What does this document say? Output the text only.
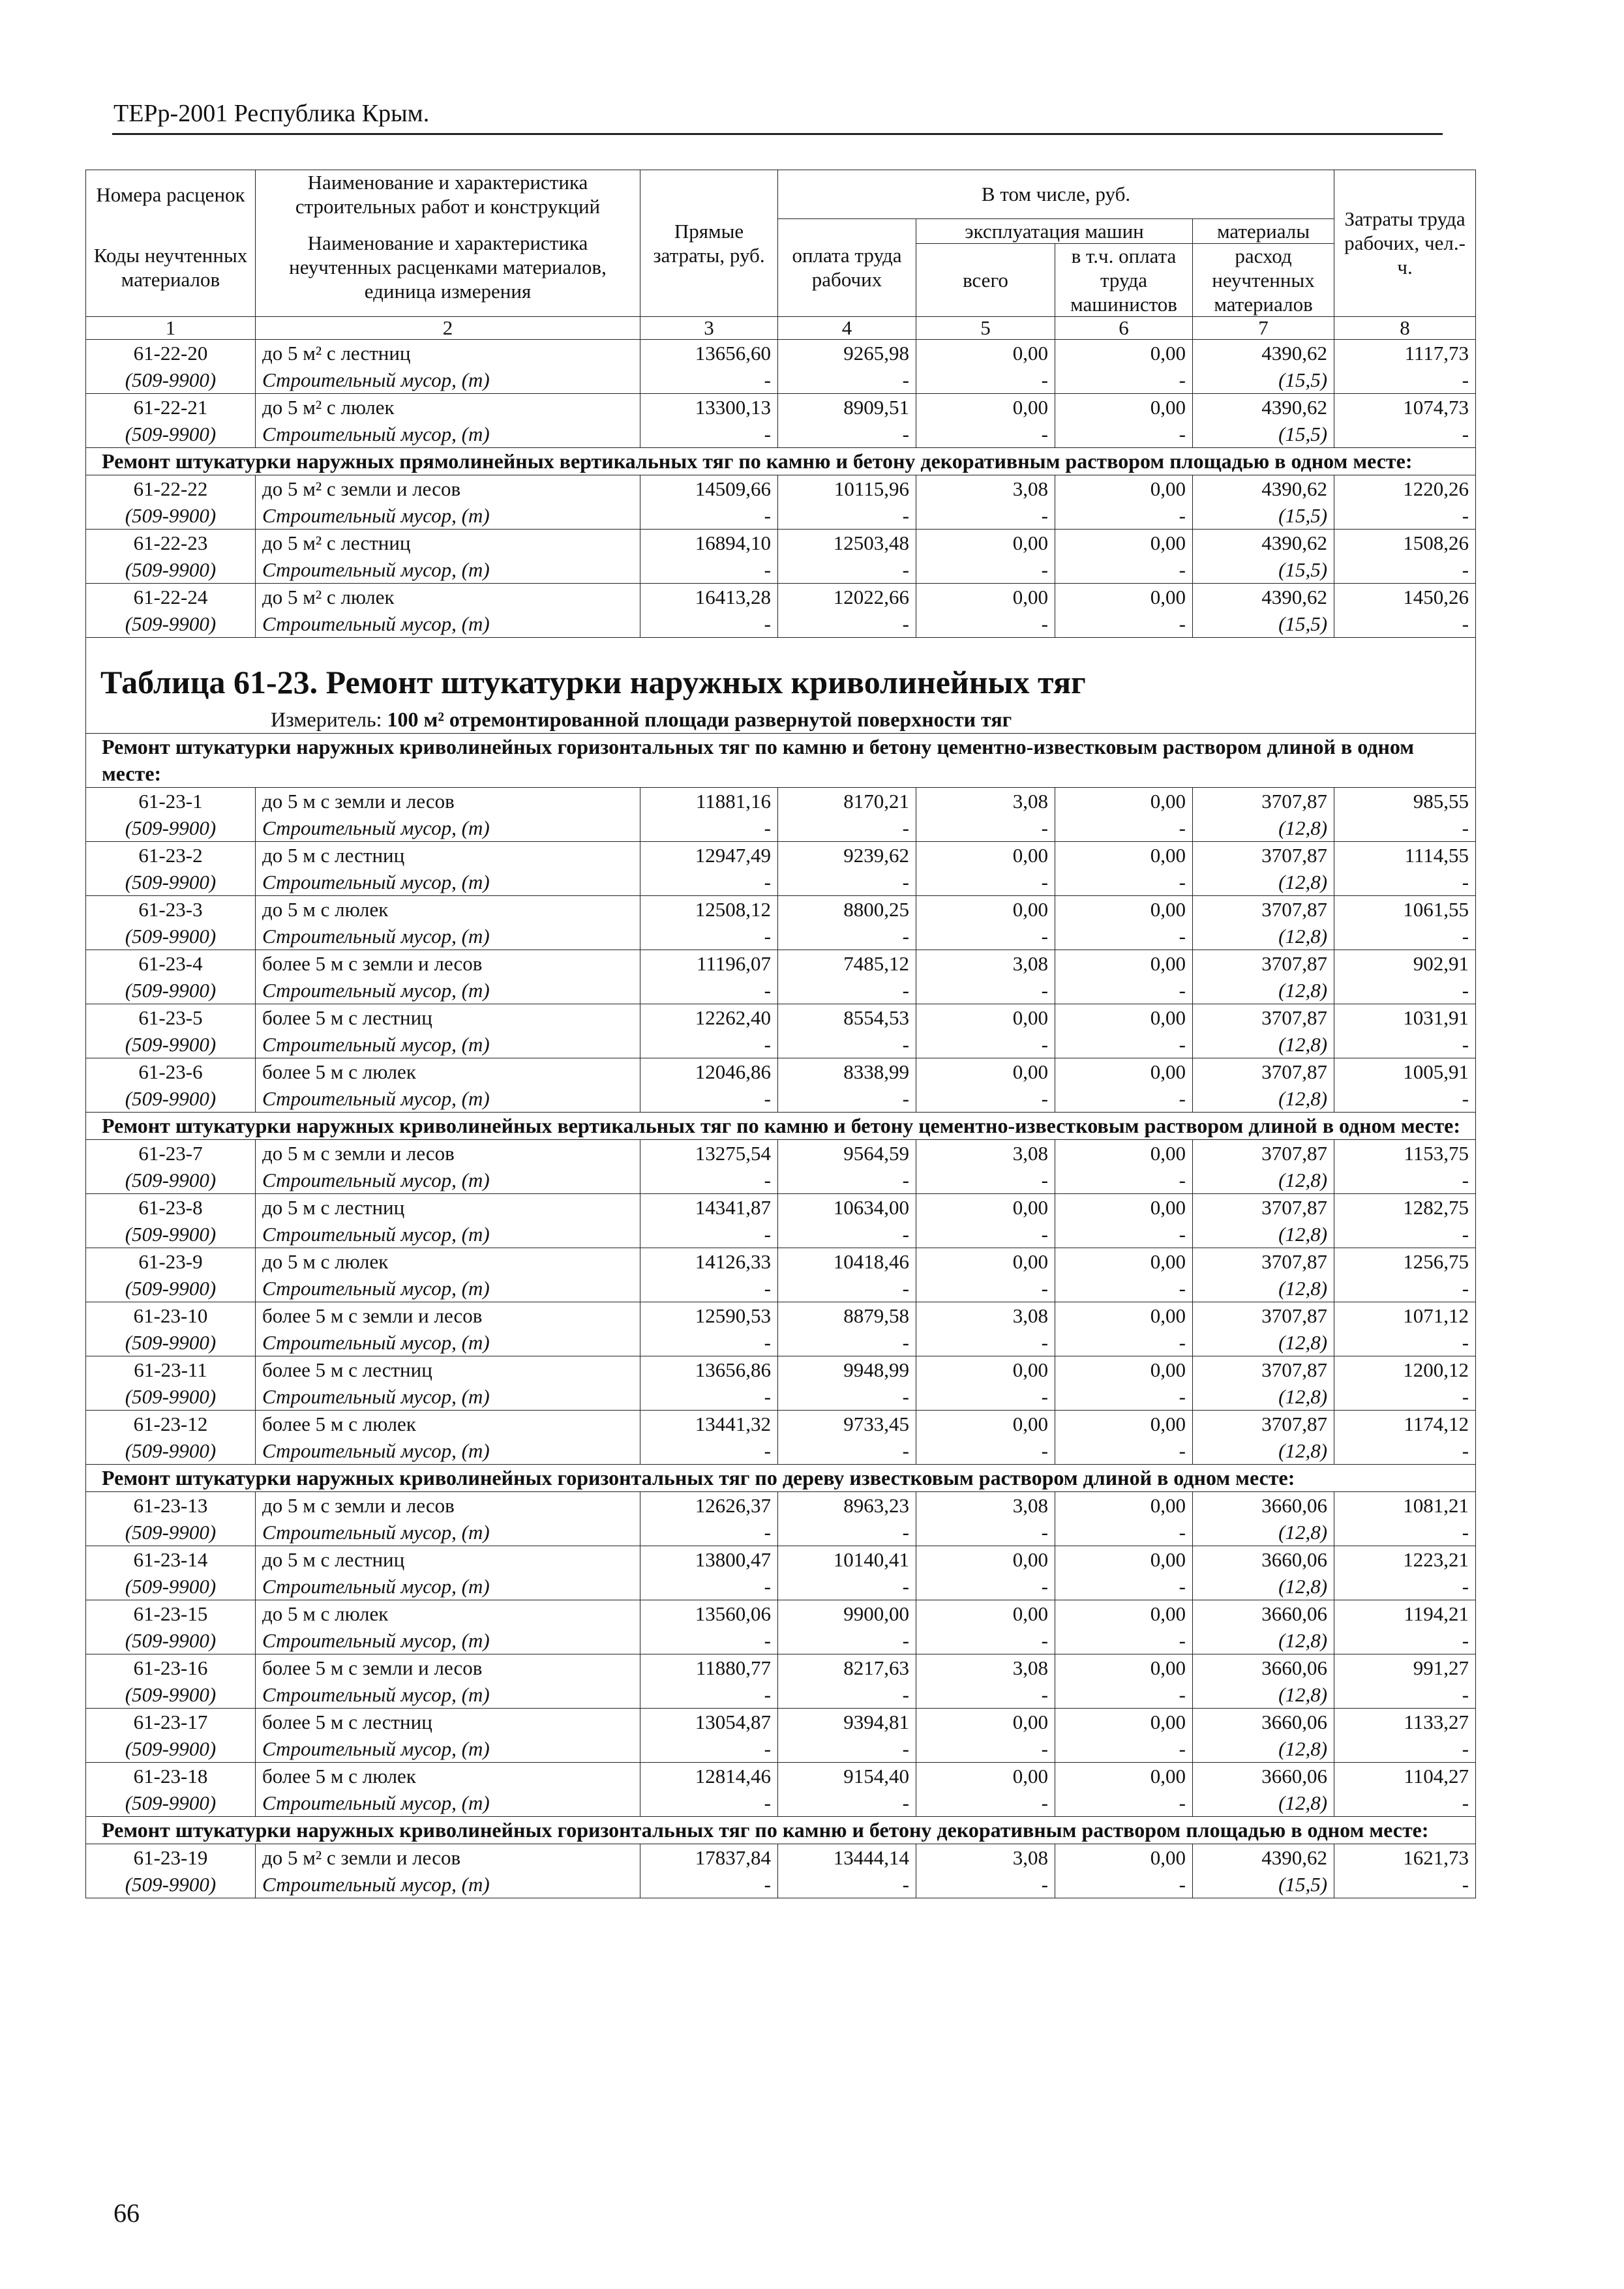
ТЕРр-2001 Республика Крым.
Номера расценок	Наименование и характеристика строительных работ и конструкций	Прямые затраты, руб.	В том числе, руб.				Затраты труда рабочих, чел.-ч.
Коды неучтенных материалов	Наименование и характеристика неучтенных расценками материалов, единица измерения		оплата труда рабочих	эксплуатация машин		материалы	
				всего	в т.ч. оплата труда машинистов	расход неучтенных материалов	
1	2	3	4	5	6	7	8
61-22-20	до 5 м² с лестниц	13656,60	9265,98	0,00	0,00	4390,62	1117,73
(509-9900)	Строительный мусор, (т)	-	-	-	-	(15,5)	-
61-22-21	до 5 м² с люлек	13300,13	8909,51	0,00	0,00	4390,62	1074,73
(509-9900)	Строительный мусор, (т)	-	-	-	-	(15,5)	-
Ремонт штукатурки наружных прямолинейных вертикальных тяг по камню и бетону декоративным раствором площадью в одном месте:							
61-22-22	до 5 м² с земли и лесов	14509,66	10115,96	3,08	0,00	4390,62	1220,26
(509-9900)	Строительный мусор, (т)	-	-	-	-	(15,5)	-
61-22-23	до 5 м² с лестниц	16894,10	12503,48	0,00	0,00	4390,62	1508,26
(509-9900)	Строительный мусор, (т)	-	-	-	-	(15,5)	-
61-22-24	до 5 м² с люлек	16413,28	12022,66	0,00	0,00	4390,62	1450,26
(509-9900)	Строительный мусор, (т)	-	-	-	-	(15,5)	-
Таблица 61-23. Ремонт штукатурки наружных криволинейных тяг							
Измеритель: 100 м² отремонтированной площади развернутой поверхности тяг							
Ремонт штукатурки наружных криволинейных горизонтальных тяг по камню и бетону цементно-известковым раствором длиной в одном месте:							
61-23-1	до 5 м с земли и лесов	11881,16	8170,21	3,08	0,00	3707,87	985,55
(509-9900)	Строительный мусор, (т)	-	-	-	-	(12,8)	-
61-23-2	до 5 м с лестниц	12947,49	9239,62	0,00	0,00	3707,87	1114,55
(509-9900)	Строительный мусор, (т)	-	-	-	-	(12,8)	-
61-23-3	до 5 м с люлек	12508,12	8800,25	0,00	0,00	3707,87	1061,55
(509-9900)	Строительный мусор, (т)	-	-	-	-	(12,8)	-
61-23-4	более 5 м с земли и лесов	11196,07	7485,12	3,08	0,00	3707,87	902,91
(509-9900)	Строительный мусор, (т)	-	-	-	-	(12,8)	-
61-23-5	более 5 м с лестниц	12262,40	8554,53	0,00	0,00	3707,87	1031,91
(509-9900)	Строительный мусор, (т)	-	-	-	-	(12,8)	-
61-23-6	более 5 м с люлек	12046,86	8338,99	0,00	0,00	3707,87	1005,91
(509-9900)	Строительный мусор, (т)	-	-	-	-	(12,8)	-
Ремонт штукатурки наружных криволинейных вертикальных тяг по камню и бетону цементно-известковым раствором длиной в одном месте:							
61-23-7	до 5 м с земли и лесов	13275,54	9564,59	3,08	0,00	3707,87	1153,75
(509-9900)	Строительный мусор, (т)	-	-	-	-	(12,8)	-
61-23-8	до 5 м с лестниц	14341,87	10634,00	0,00	0,00	3707,87	1282,75
(509-9900)	Строительный мусор, (т)	-	-	-	-	(12,8)	-
61-23-9	до 5 м с люлек	14126,33	10418,46	0,00	0,00	3707,87	1256,75
(509-9900)	Строительный мусор, (т)	-	-	-	-	(12,8)	-
61-23-10	более 5 м с земли и лесов	12590,53	8879,58	3,08	0,00	3707,87	1071,12
(509-9900)	Строительный мусор, (т)	-	-	-	-	(12,8)	-
61-23-11	более 5 м с лестниц	13656,86	9948,99	0,00	0,00	3707,87	1200,12
(509-9900)	Строительный мусор, (т)	-	-	-	-	(12,8)	-
61-23-12	более 5 м с люлек	13441,32	9733,45	0,00	0,00	3707,87	1174,12
(509-9900)	Строительный мусор, (т)	-	-	-	-	(12,8)	-
Ремонт штукатурки наружных криволинейных горизонтальных тяг по дереву известковым раствором длиной в одном месте:							
61-23-13	до 5 м с земли и лесов	12626,37	8963,23	3,08	0,00	3660,06	1081,21
(509-9900)	Строительный мусор, (т)	-	-	-	-	(12,8)	-
61-23-14	до 5 м с лестниц	13800,47	10140,41	0,00	0,00	3660,06	1223,21
(509-9900)	Строительный мусор, (т)	-	-	-	-	(12,8)	-
61-23-15	до 5 м с люлек	13560,06	9900,00	0,00	0,00	3660,06	1194,21
(509-9900)	Строительный мусор, (т)	-	-	-	-	(12,8)	-
61-23-16	более 5 м с земли и лесов	11880,77	8217,63	3,08	0,00	3660,06	991,27
(509-9900)	Строительный мусор, (т)	-	-	-	-	(12,8)	-
61-23-17	более 5 м с лестниц	13054,87	9394,81	0,00	0,00	3660,06	1133,27
(509-9900)	Строительный мусор, (т)	-	-	-	-	(12,8)	-
61-23-18	более 5 м с люлек	12814,46	9154,40	0,00	0,00	3660,06	1104,27
(509-9900)	Строительный мусор, (т)	-	-	-	-	(12,8)	-
Ремонт штукатурки наружных криволинейных горизонтальных тяг по камню и бетону декоративным раствором площадью в одном месте:							
61-23-19	до 5 м² с земли и лесов	17837,84	13444,14	3,08	0,00	4390,62	1621,73
(509-9900)	Строительный мусор, (т)	-	-	-	-	(15,5)	-
66
